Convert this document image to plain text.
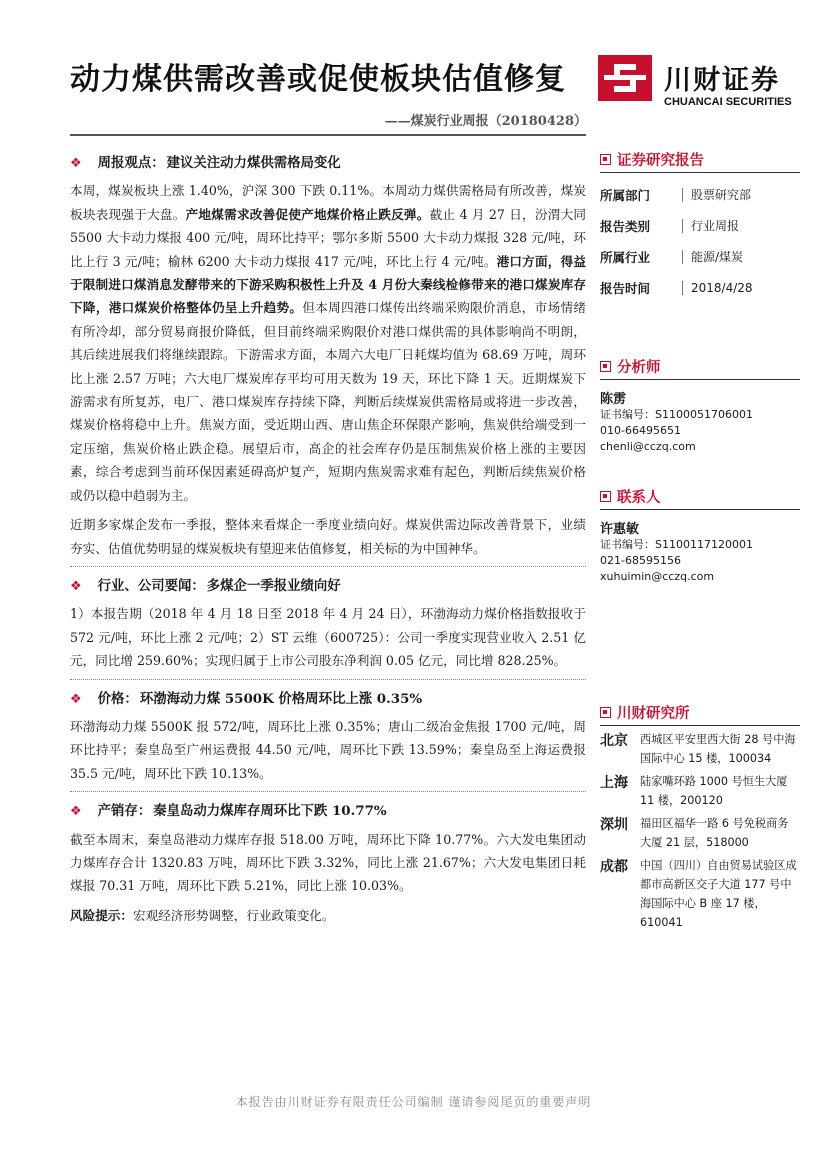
动力煤供需改善或促使板块估值修复
——煤炭行业周报（20180428）
川财证券
CHUANCAI SECURITIES
❖ 周报观点： 建议关注动力煤供需格局变化

本周，煤炭板块上涨 1.40%，沪深 300 下跌 0.11%。本周动力煤供需格局有所改善，煤炭板块表现强于大盘。产地煤需求改善促使产地煤价格止跌反弹。截止 4 月 27 日，汾渭大同 5500 大卡动力煤报 400 元/吨，周环比持平；鄂尔多斯 5500 大卡动力煤报 328 元/吨，环比上行 3 元/吨；榆林 6200 大卡动力煤报 417 元/吨，环比上行 4 元/吨。港口方面，得益于限制进口煤消息发酵带来的下游采购积极性上升及 4 月份大秦线检修带来的港口煤炭库存下降，港口煤炭价格整体仍呈上升趋势。但本周四港口煤传出终端采购限价消息，市场情绪有所冷却，部分贸易商报价降低，但目前终端采购限价对港口煤供需的具体影响尚不明朗，其后续进展我们将继续跟踪。下游需求方面，本周六大电厂日耗煤均值为 68.69 万吨，周环比上涨 2.57 万吨；六大电厂煤炭库存平均可用天数为 19 天，环比下降 1 天。近期煤炭下游需求有所复苏，电厂、港口煤炭库存持续下降，判断后续煤炭供需格局或将进一步改善，煤炭价格将稳中上升。焦炭方面，受近期山西、唐山焦企环保限产影响，焦炭供给端受到一定压缩，焦炭价格止跌企稳。展望后市，高企的社会库存仍是压制焦炭价格上涨的主要因素，综合考虑到当前环保因素延碍高炉复产，短期内焦炭需求难有起色，判断后续焦炭价格或仍以稳中趋弱为主。

近期多家煤企发布一季报，整体来看煤企一季度业绩向好。煤炭供需边际改善背景下，业绩夯实、估值优势明显的煤炭板块有望迎来估值修复，相关标的为中国神华。

❖ 行业、公司要闻： 多煤企一季报业绩向好

1）本报告期（2018 年 4 月 18 日至 2018 年 4 月 24 日），环渤海动力煤价格指数报收于 572 元/吨，环比上涨 2 元/吨；2）ST 云维（600725）：公司一季度实现营业收入 2.51 亿元，同比增 259.60%；实现归属于上市公司股东净利润 0.05 亿元，同比增 828.25%。

❖ 价格： 环渤海动力煤 5500K 价格周环比上涨 0.35%

环渤海动力煤 5500K 报 572/吨，周环比上涨 0.35%；唐山二级冶金焦报 1700 元/吨，周环比持平；秦皇岛至广州运费报 44.50 元/吨，周环比下跌 13.59%；秦皇岛至上海运费报 35.5 元/吨，周环比下跌 10.13%。

❖ 产销存： 秦皇岛动力煤库存周环比下跌 10.77%

截至本周末，秦皇岛港动力煤库存报 518.00 万吨，周环比下降 10.77%。六大发电集团动力煤库存合计 1320.83 万吨，周环比下跌 3.32%，同比上涨 21.67%；六大发电集团日耗煤报 70.31 万吨，周环比下跌 5.21%，同比上涨 10.03%。

风险提示：宏观经济形势调整，行业政策变化。
证券研究报告
所属部门	股票研究部
报告类别	行业周报
所属行业	能源/煤炭
报告时间	2018/4/28
分析师
陈雳
证书编号：S1100051706001
010-66495651
chenli@cczq.com
联系人
许惠敏
证书编号：S1100117120001
021-68595156
xuhuimin@cczq.com
川财研究所
北京	西城区平安里西大街 28 号中海国际中心 15 楼，100034
上海	陆家嘴环路 1000 号恒生大厦 11 楼，200120
深圳	福田区福华一路 6 号免税商务大厦 21 层，518000
成都	中国（四川）自由贸易试验区成都市高新区交子大道 177 号中海国际中心 B 座 17 楼，610041
本报告由川财证券有限责任公司编制 谨请参阅尾页的重要声明
